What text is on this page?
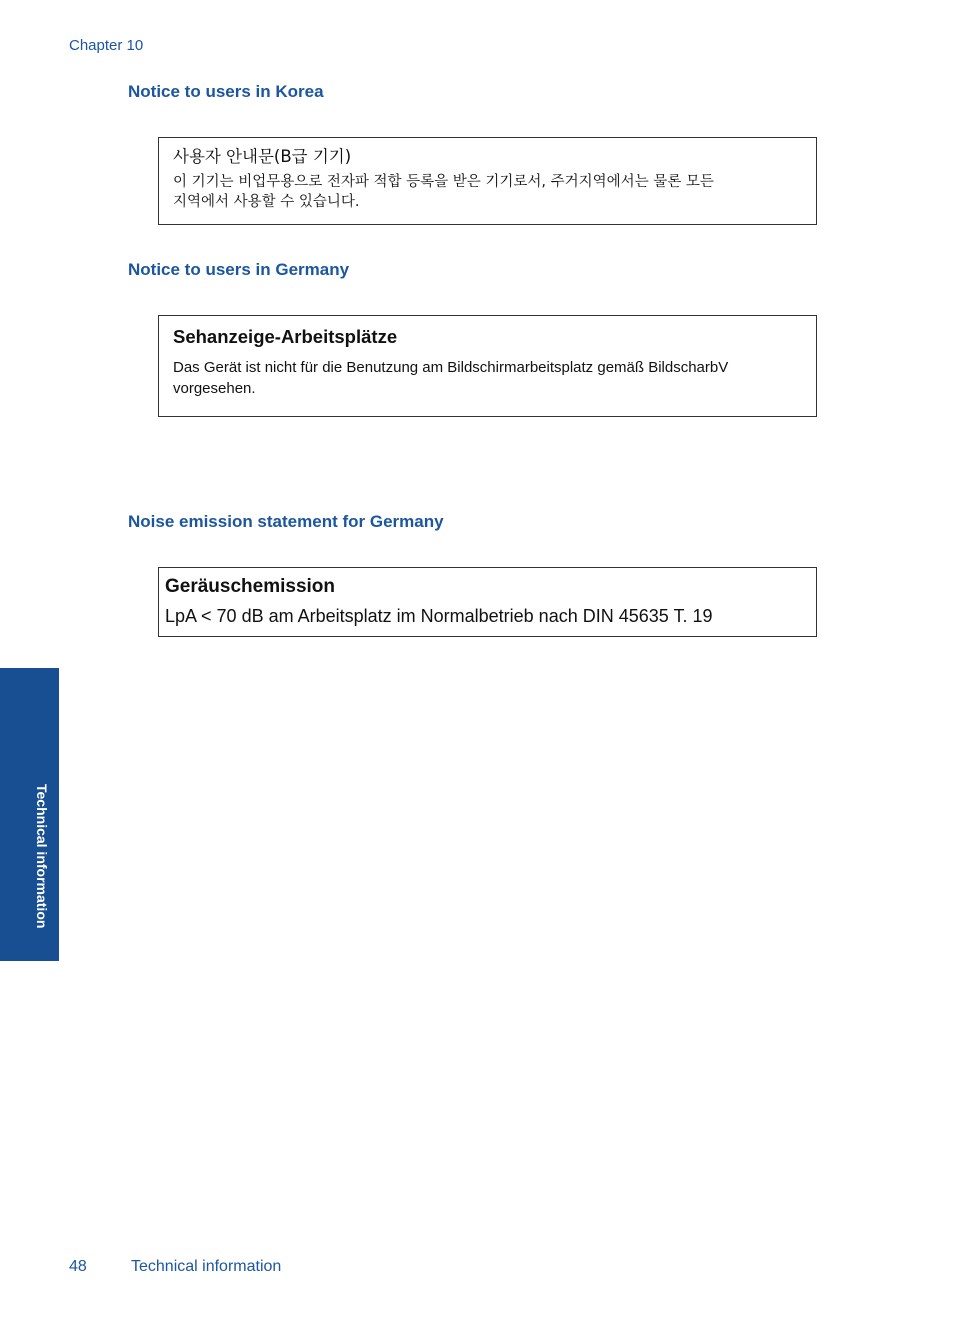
Chapter 10
Notice to users in Korea
사용자 안내문(B급 기기)
이 기기는 비업무용으로 전자파 적합 등록을 받은 기기로서, 주거지역에서는 물론 모든
지역에서 사용할 수 있습니다.
Notice to users in Germany
Sehanzeige-Arbeitsplätze
Das Gerät ist nicht für die Benutzung am Bildschirmarbeitsplatz gemäß BildscharbV
vorgesehen.
Noise emission statement for Germany
Geräuschemission
LpA < 70 dB am Arbeitsplatz im Normalbetrieb nach DIN 45635 T. 19
Technical information
48	Technical information
